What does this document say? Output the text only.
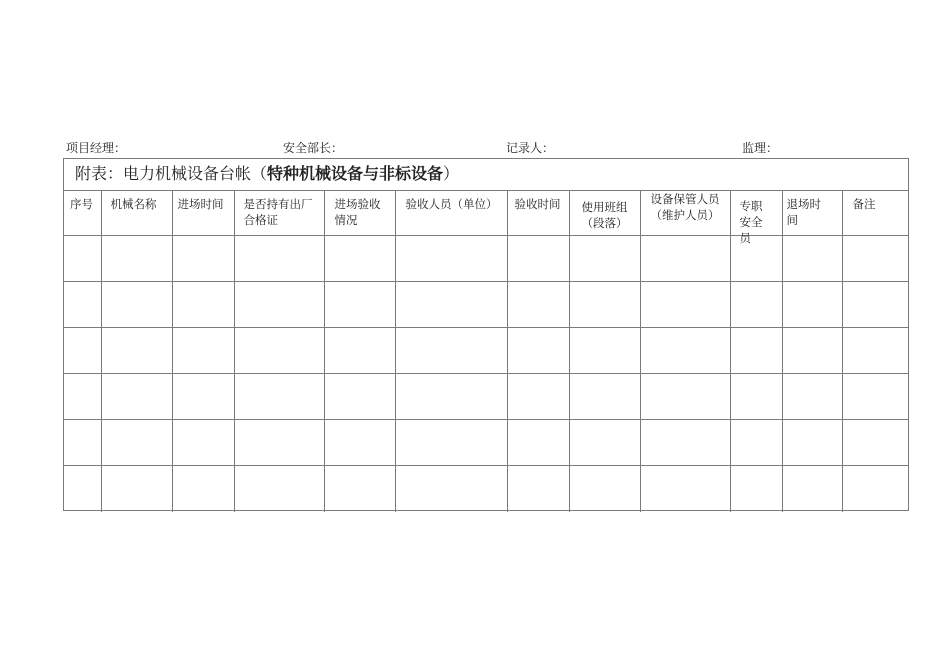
项目经理：	安全部长：	记录人：	监理：
附表：电力机械设备台帐（特种机械设备与非标设备）
序号	机械名称	进场时间	是否持有出厂合格证	进场验收情况	验收人员（单位）	验收时间	使用班组（段落）	设备保管人员（维护人员）	专职安全员	退场时间	备注
